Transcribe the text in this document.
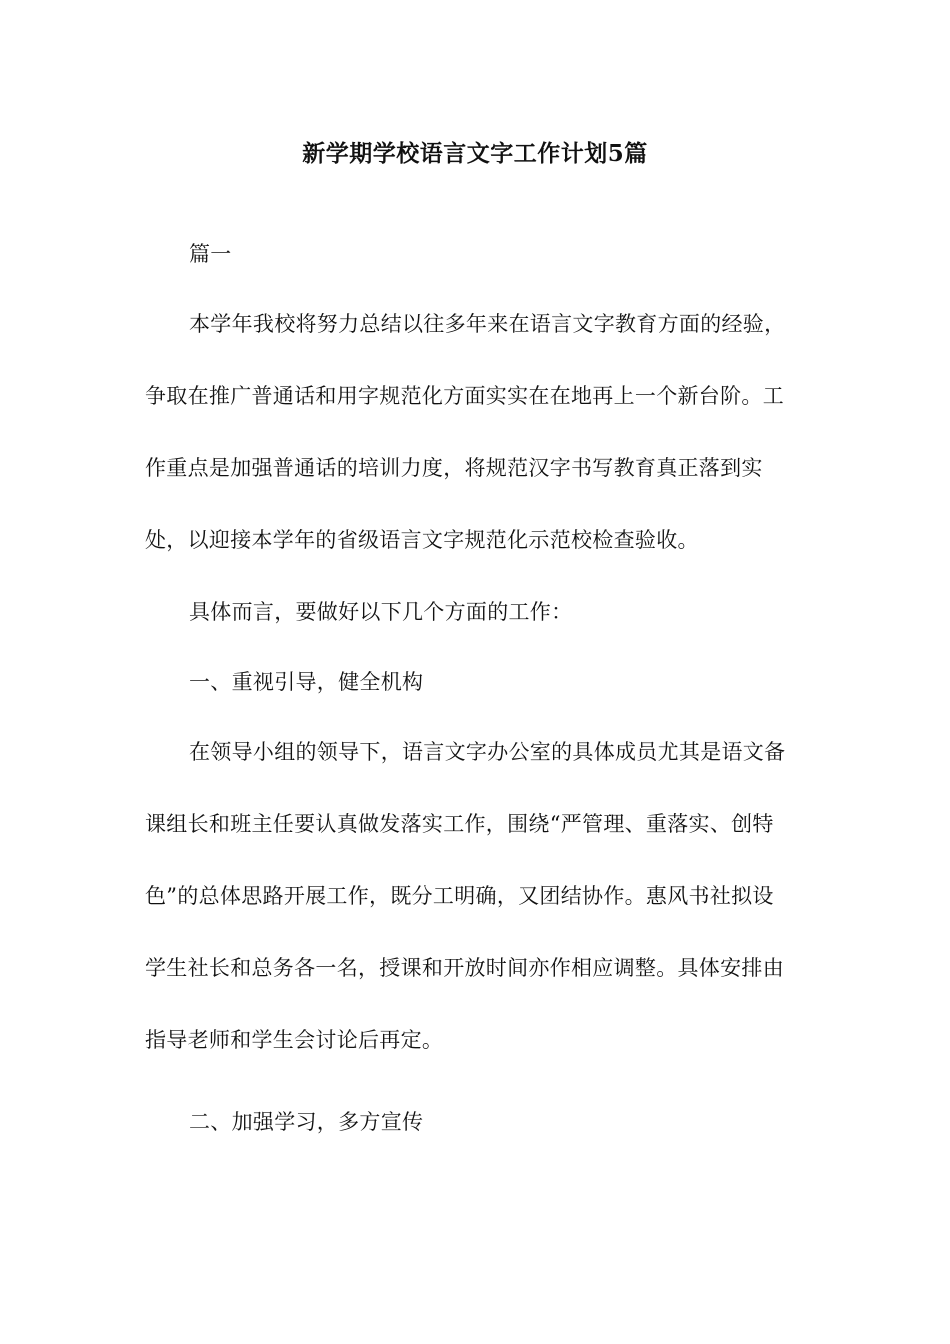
新学期学校语言文字工作计划5篇

篇一

本学年我校将努力总结以往多年来在语言文字教育方面的经验，争取在推广普通话和用字规范化方面实实在在地再上一个新台阶。工作重点是加强普通话的培训力度，将规范汉字书写教育真正落到实处，以迎接本学年的省级语言文字规范化示范校检查验收。

具体而言，要做好以下几个方面的工作：

一、重视引导，健全机构

在领导小组的领导下，语言文字办公室的具体成员尤其是语文备课组长和班主任要认真做发落实工作，围绕“严管理、重落实、创特色”的总体思路开展工作，既分工明确，又团结协作。惠风书社拟设学生社长和总务各一名，授课和开放时间亦作相应调整。具体安排由指导老师和学生会讨论后再定。

二、加强学习，多方宣传
